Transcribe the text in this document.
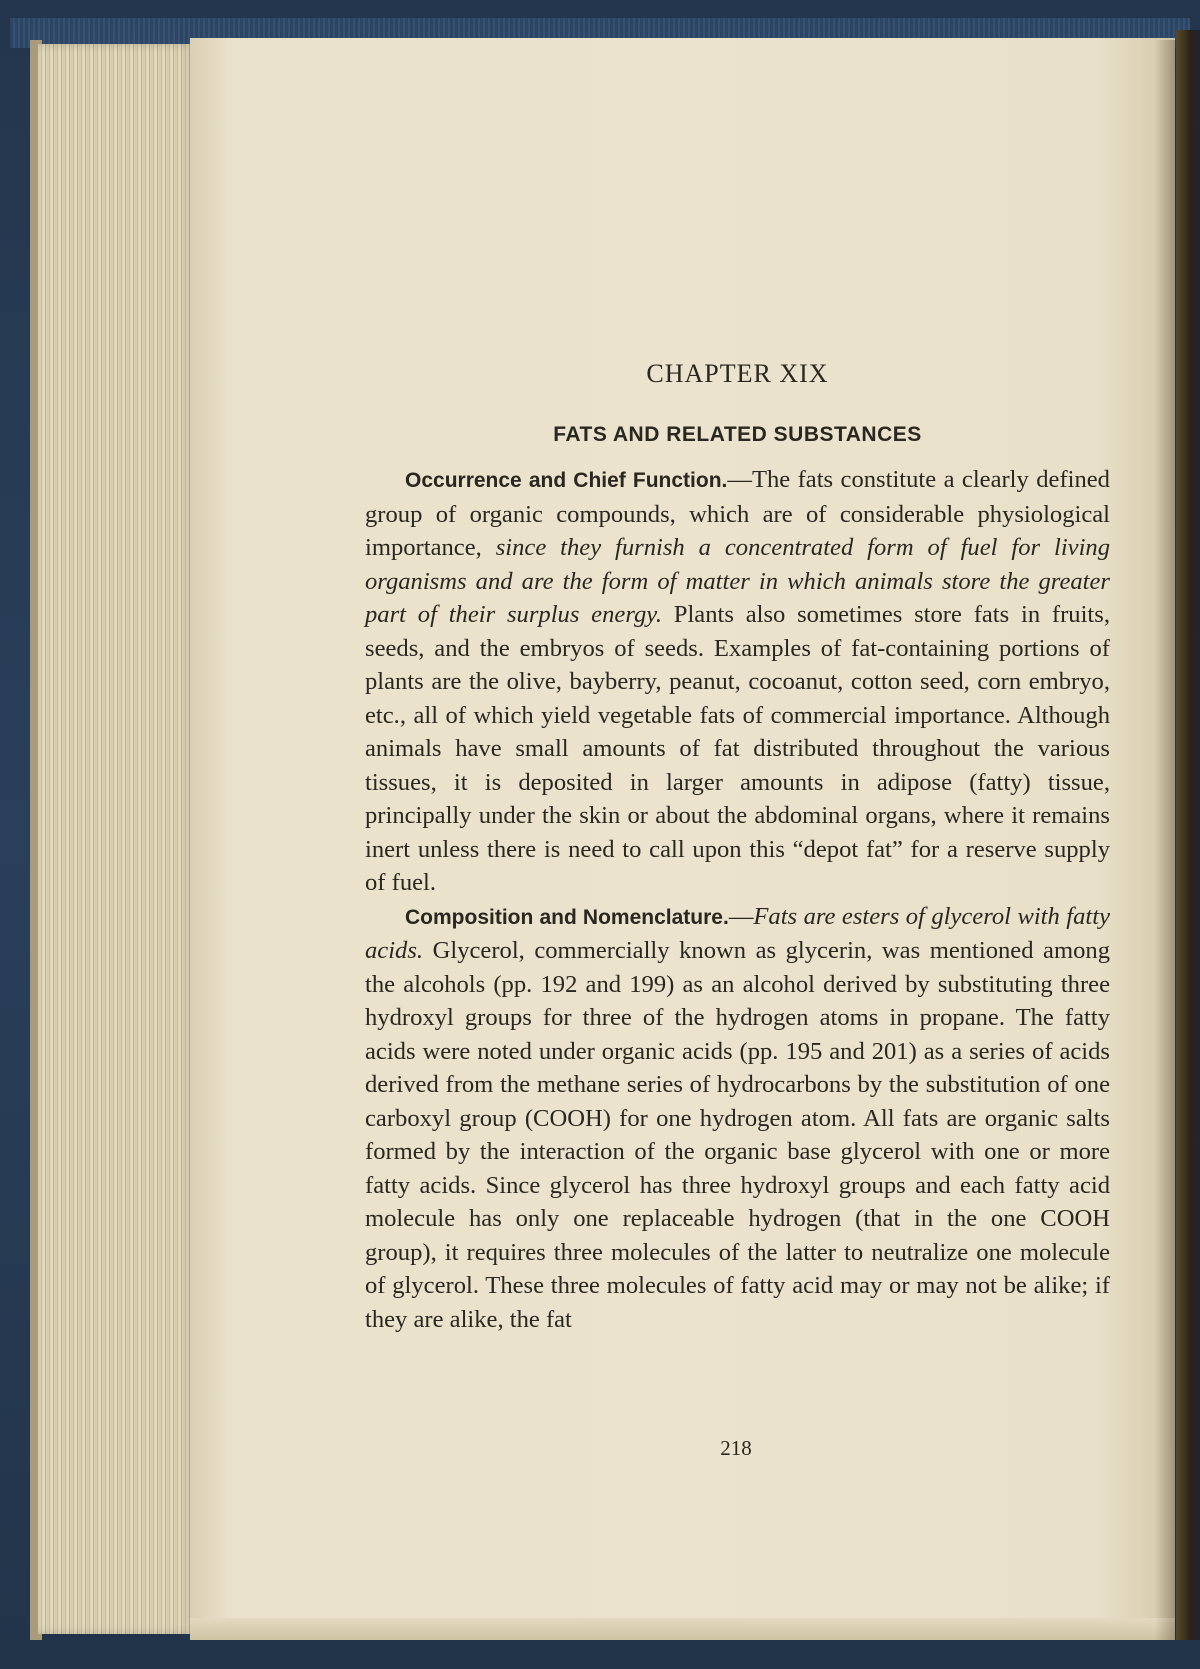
CHAPTER XIX
FATS AND RELATED SUBSTANCES

Occurrence and Chief Function.—The fats constitute a clearly defined group of organic compounds, which are of considerable physiological importance, since they furnish a concentrated form of fuel for living organisms and are the form of matter in which animals store the greater part of their surplus energy. Plants also sometimes store fats in fruits, seeds, and the embryos of seeds. Examples of fat-containing portions of plants are the olive, bayberry, peanut, cocoanut, cotton seed, corn embryo, etc., all of which yield vegetable fats of commercial importance. Although animals have small amounts of fat distributed throughout the various tissues, it is deposited in larger amounts in adipose (fatty) tissue, principally under the skin or about the abdominal organs, where it remains inert unless there is need to call upon this “depot fat” for a reserve supply of fuel.

Composition and Nomenclature.—Fats are esters of glycerol with fatty acids. Glycerol, commercially known as glycerin, was mentioned among the alcohols (pp. 192 and 199) as an alcohol derived by substituting three hydroxyl groups for three of the hydrogen atoms in propane. The fatty acids were noted under organic acids (pp. 195 and 201) as a series of acids derived from the methane series of hydrocarbons by the substitution of one carboxyl group (COOH) for one hydrogen atom. All fats are organic salts formed by the interaction of the organic base glycerol with one or more fatty acids. Since glycerol has three hydroxyl groups and each fatty acid molecule has only one replaceable hydrogen (that in the one COOH group), it requires three molecules of the latter to neutralize one molecule of glycerol. These three molecules of fatty acid may or may not be alike; if they are alike, the fat

218
